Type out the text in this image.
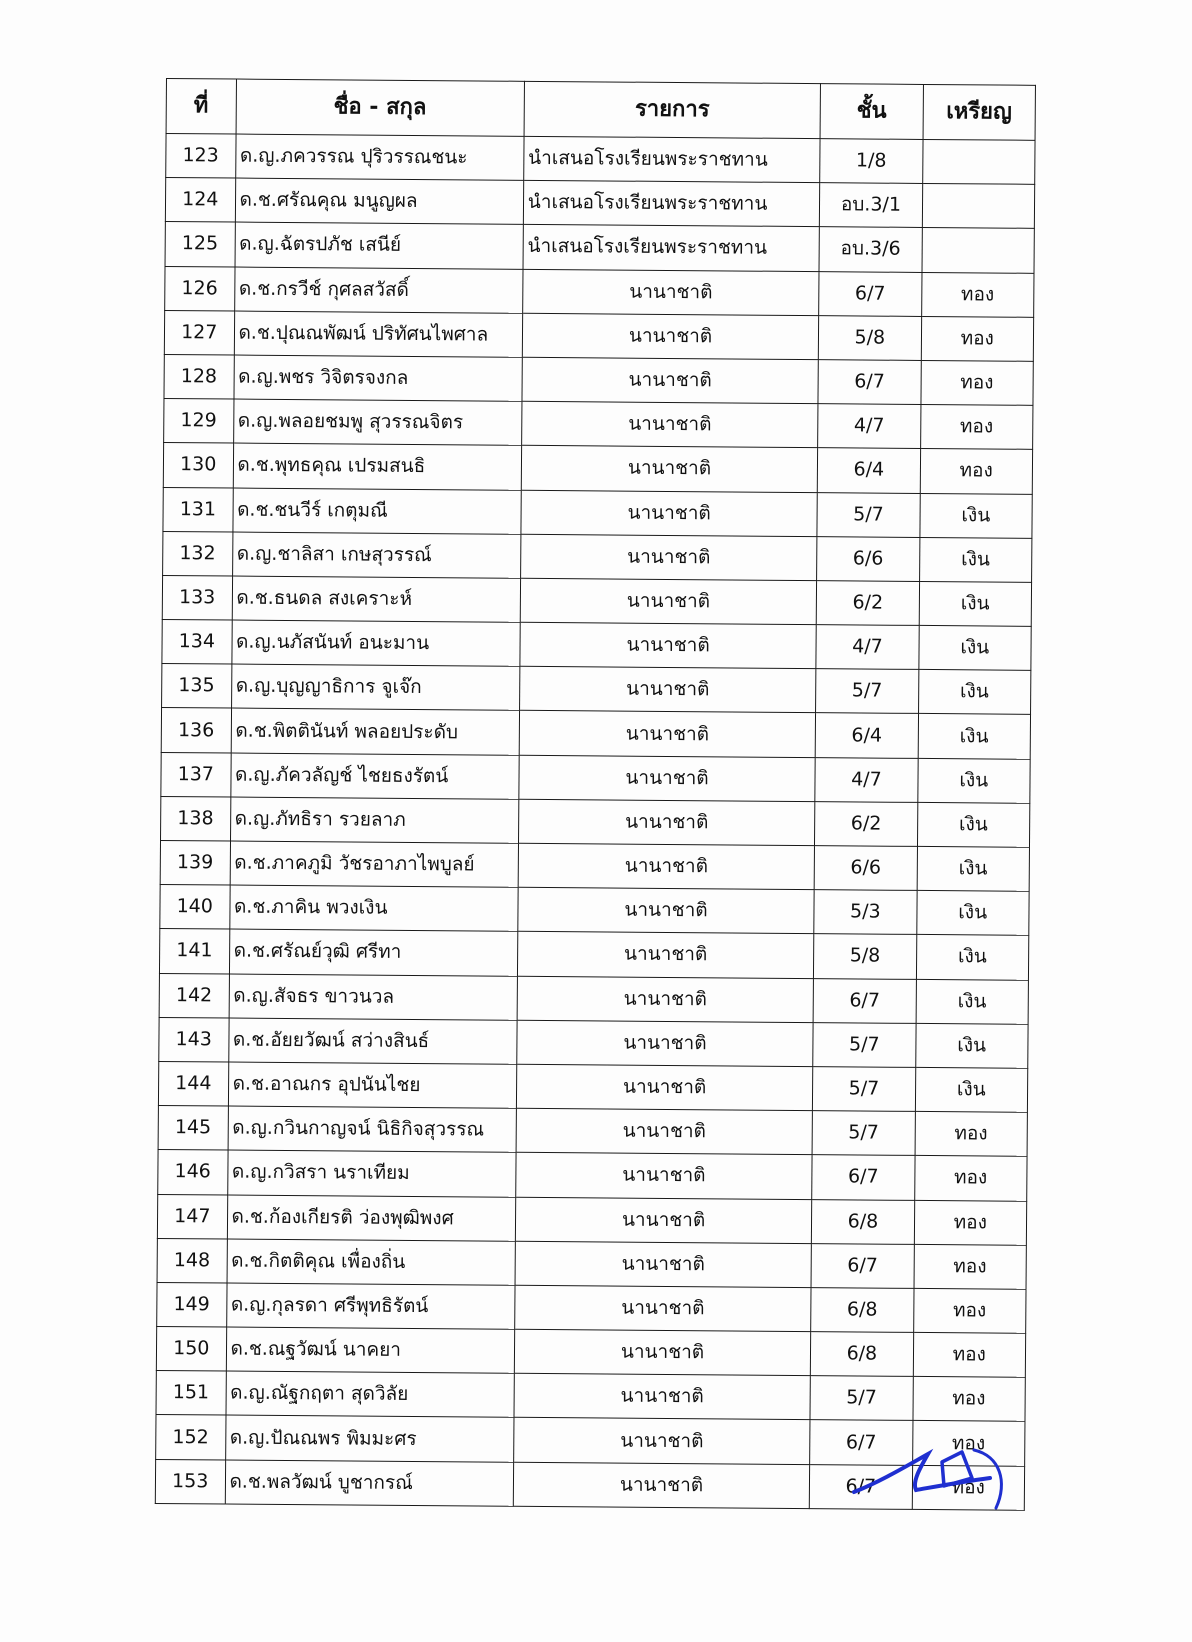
ที่	ชื่อ - สกุล	รายการ	ชั้น	เหรียญ
123	ด.ญ.ภควรรณ ปุริวรรณชนะ	นำเสนอโรงเรียนพระราชทาน	1/8	
124	ด.ช.ศรัณคุณ มนูญผล	นำเสนอโรงเรียนพระราชทาน	อบ.3/1	
125	ด.ญ.ฉัตรปภัช เสนีย์	นำเสนอโรงเรียนพระราชทาน	อบ.3/6	
126	ด.ช.กรวีช์ กุศลสวัสดิ์	นานาชาติ	6/7	ทอง
127	ด.ช.ปุณณพัฒน์ ปริทัศนไพศาล	นานาชาติ	5/8	ทอง
128	ด.ญ.พชร วิจิตรจงกล	นานาชาติ	6/7	ทอง
129	ด.ญ.พลอยชมพู สุวรรณจิตร	นานาชาติ	4/7	ทอง
130	ด.ช.พุทธคุณ เปรมสนธิ	นานาชาติ	6/4	ทอง
131	ด.ช.ชนวีร์ เกตุมณี	นานาชาติ	5/7	เงิน
132	ด.ญ.ชาลิสา เกษสุวรรณ์	นานาชาติ	6/6	เงิน
133	ด.ช.ธนดล สงเคราะห์	นานาชาติ	6/2	เงิน
134	ด.ญ.นภัสนันท์ อนะมาน	นานาชาติ	4/7	เงิน
135	ด.ญ.บุญญาธิการ จูเจ๊ก	นานาชาติ	5/7	เงิน
136	ด.ช.พิตตินันท์ พลอยประดับ	นานาชาติ	6/4	เงิน
137	ด.ญ.ภัควลัญช์ ไชยธงรัตน์	นานาชาติ	4/7	เงิน
138	ด.ญ.ภัทธิรา รวยลาภ	นานาชาติ	6/2	เงิน
139	ด.ช.ภาคภูมิ วัชรอาภาไพบูลย์	นานาชาติ	6/6	เงิน
140	ด.ช.ภาคิน พวงเงิน	นานาชาติ	5/3	เงิน
141	ด.ช.ศรัณย์วุฒิ ศรีทา	นานาชาติ	5/8	เงิน
142	ด.ญ.สัจธร ขาวนวล	นานาชาติ	6/7	เงิน
143	ด.ช.อัยยวัฒน์ สว่างสินธ์	นานาชาติ	5/7	เงิน
144	ด.ช.อาณกร อุปนันไชย	นานาชาติ	5/7	เงิน
145	ด.ญ.กวินกาญจน์ นิธิกิจสุวรรณ	นานาชาติ	5/7	ทอง
146	ด.ญ.กวิสรา นราเทียม	นานาชาติ	6/7	ทอง
147	ด.ช.ก้องเกียรติ ว่องพุฒิพงศ	นานาชาติ	6/8	ทอง
148	ด.ช.กิตติคุณ เพื่องถิ่น	นานาชาติ	6/7	ทอง
149	ด.ญ.กุลรดา ศรีพุทธิรัตน์	นานาชาติ	6/8	ทอง
150	ด.ช.ณฐวัฒน์ นาคยา	นานาชาติ	6/8	ทอง
151	ด.ญ.ณัฐกฤตา สุดวิลัย	นานาชาติ	5/7	ทอง
152	ด.ญ.ปัณณพร พิมมะศร	นานาชาติ	6/7	ทอง
153	ด.ช.พลวัฒน์ บูชากรณ์	นานาชาติ	6/7	ทอง
